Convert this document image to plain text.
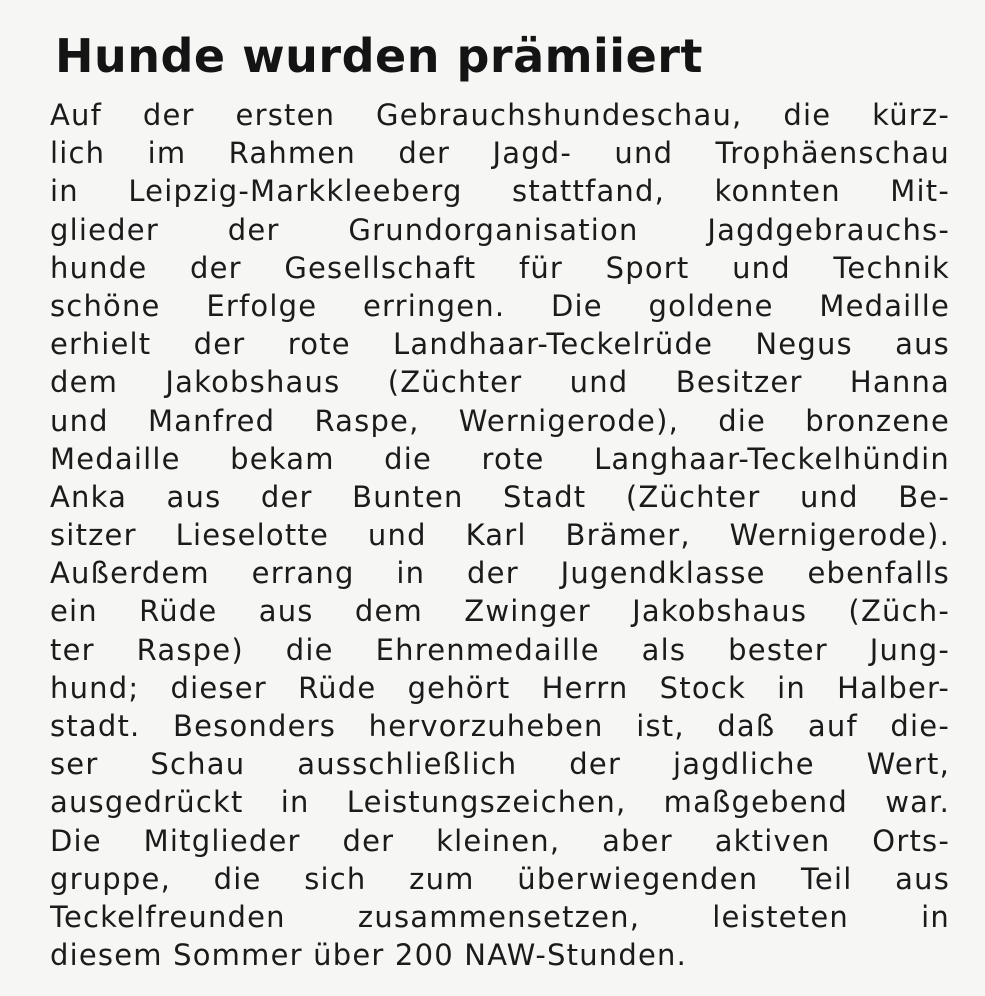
Hunde wurden prämiiert
Auf der ersten Gebrauchshundeschau, die kürz-
lich im Rahmen der Jagd- und Trophäenschau
in Leipzig-Markkleeberg stattfand, konnten Mit-
glieder der Grundorganisation Jagdgebrauchs-
hunde der Gesellschaft für Sport und Technik
schöne Erfolge erringen. Die goldene Medaille
erhielt der rote Landhaar-Teckelrüde Negus aus
dem Jakobshaus (Züchter und Besitzer Hanna
und Manfred Raspe, Wernigerode), die bronzene
Medaille bekam die rote Langhaar-Teckelhündin
Anka aus der Bunten Stadt (Züchter und Be-
sitzer Lieselotte und Karl Brämer, Wernigerode).
Außerdem errang in der Jugendklasse ebenfalls
ein Rüde aus dem Zwinger Jakobshaus (Züch-
ter Raspe) die Ehrenmedaille als bester Jung-
hund; dieser Rüde gehört Herrn Stock in Halber-
stadt. Besonders hervorzuheben ist, daß auf die-
ser Schau ausschließlich der jagdliche Wert,
ausgedrückt in Leistungszeichen, maßgebend war.
Die Mitglieder der kleinen, aber aktiven Orts-
gruppe, die sich zum überwiegenden Teil aus
Teckelfreunden zusammensetzen, leisteten in
diesem Sommer über 200 NAW-Stunden.
